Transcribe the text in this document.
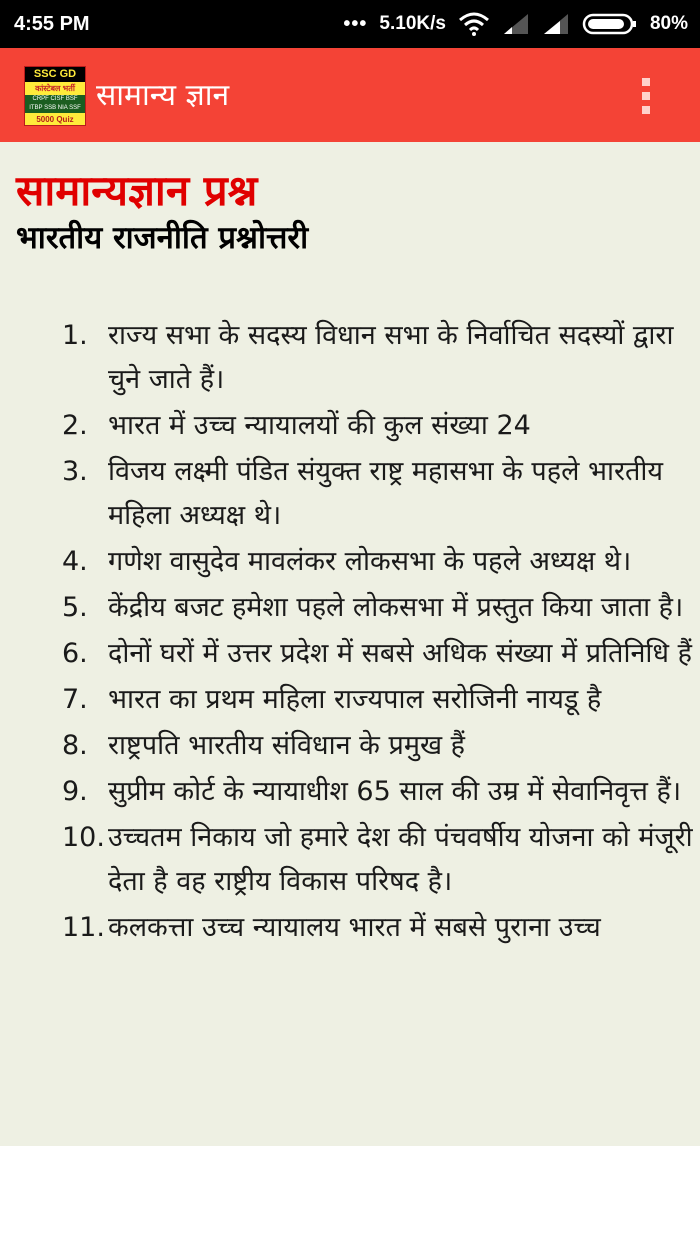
4:55 PM	••• 5.10K/s	80%
SSC GD
कांस्टेबल भर्ती
CRPF CISF BSF ITBP SSB NIA SSF
5000 Quiz
सामान्य ज्ञान
सामान्यज्ञान प्रश्न
भारतीय राजनीति प्रश्नोत्तरी
1. राज्य सभा के सदस्य विधान सभा के निर्वाचित सदस्यों द्वारा चुने जाते हैं।
2. भारत में उच्च न्यायालयों की कुल संख्या 24
3. विजय लक्ष्मी पंडित संयुक्त राष्ट्र महासभा के पहले भारतीय महिला अध्यक्ष थे।
4. गणेश वासुदेव मावलंकर लोकसभा के पहले अध्यक्ष थे।
5. केंद्रीय बजट हमेशा पहले लोकसभा में प्रस्तुत किया जाता है।
6. दोनों घरों में उत्तर प्रदेश में सबसे अधिक संख्या में प्रतिनिधि हैं
7. भारत का प्रथम महिला राज्यपाल सरोजिनी नायडू है
8. राष्ट्रपति भारतीय संविधान के प्रमुख हैं
9. सुप्रीम कोर्ट के न्यायाधीश 65 साल की उम्र में सेवानिवृत्त हैं।
10. उच्चतम निकाय जो हमारे देश की पंचवर्षीय योजना को मंजूरी देता है वह राष्ट्रीय विकास परिषद है।
11. कलकत्ता उच्च न्यायालय भारत में सबसे पुराना उच्च
